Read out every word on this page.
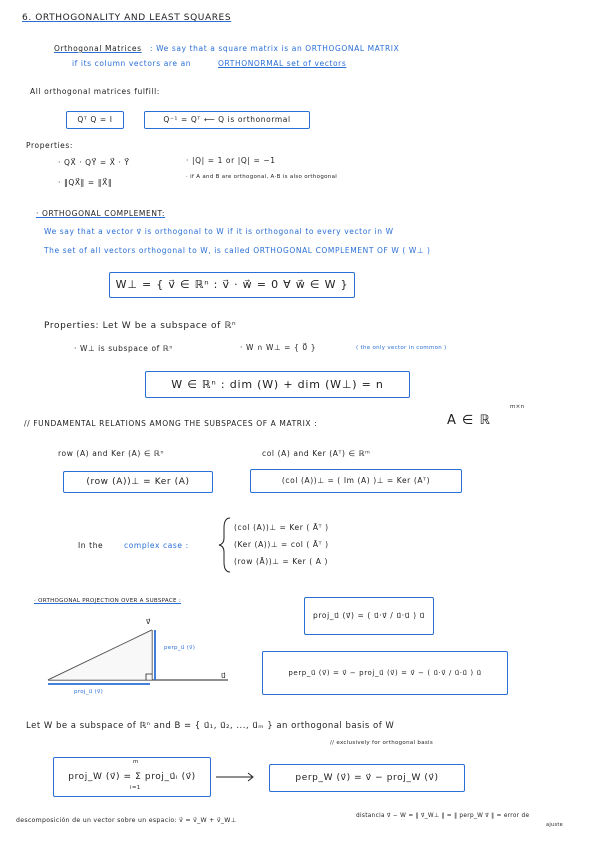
6. ORTHOGONALITY AND LEAST SQUARES
Orthogonal Matrices : We say that a square matrix is an ORTHOGONAL MATRIX
if its column vectors are an	ORTHONORMAL set of vectors
All orthogonal matrices fulfill:
Qᵀ Q = I	Q⁻¹ = Qᵀ ⟵ Q is orthonormal
Properties:
· QX⃗ · QY⃗ = X⃗ · Y⃗
· ‖QX⃗‖ = ‖X⃗‖
· |Q| = 1 or |Q| = −1
· if A and B are orthogonal, A·B is also orthogonal
· ORTHOGONAL COMPLEMENT:
We say that a vector v⃗ is orthogonal to W if it is orthogonal to every vector in W
The set of all vectors orthogonal to W, is called ORTHOGONAL COMPLEMENT OF W ( W⊥ )
W⊥ = { v⃗ ∈ ℝⁿ : v⃗ · w⃗ = 0 ∀ w⃗ ∈ W }
Properties: Let W be a subspace of ℝⁿ
· W⊥ is subspace of ℝⁿ	· W ∩ W⊥ = { 0⃗ }	( the only vector in common )
W ∈ ℝⁿ : dim (W) + dim (W⊥) = n
// FUNDAMENTAL RELATIONS AMONG THE SUBSPACES OF A MATRIX :	A ∈ ℝ
m×n
row (A) and Ker (A) ∈ ℝⁿ	col (A) and Ker (Aᵀ) ∈ ℝᵐ
(row (A))⊥ = Ker (A)	(col (A))⊥ = ( Im (A) )⊥ = Ker (Aᵀ)
In the	complex case :
(col (A))⊥ = Ker ( Āᵀ )
(Ker (A))⊥ = col ( Āᵀ )
(row (Ā))⊥ = Ker ( A )
· ORTHOGONAL PROJECTION OVER A SUBSPACE :
proj_u⃗ (v⃗) = ( u⃗·v⃗ / u⃗·u⃗ ) u⃗
perp_u⃗ (v⃗) = v⃗ − proj_u⃗ (v⃗) = v⃗ − ( u⃗·v⃗ / u⃗·u⃗ ) u⃗
v⃗
u⃗
perp_u⃗ (v⃗)
proj_u⃗ (v⃗)
Let W be a subspace of ℝⁿ and B = { u⃗₁, u⃗₂, ..., u⃗ₘ } an orthogonal basis of W
// exclusively for orthogonal basis
proj_W (v⃗) = Σ proj_u⃗ᵢ (v⃗)
m
i=1
perp_W (v⃗) = v⃗ − proj_W (v⃗)
descomposición de un vector sobre un espacio: v⃗ = v⃗_W + v⃗_W⊥
distancia v⃗ − W = ‖ v⃗_W⊥ ‖ = ‖ perp_W v⃗ ‖ = error de
ajuste
